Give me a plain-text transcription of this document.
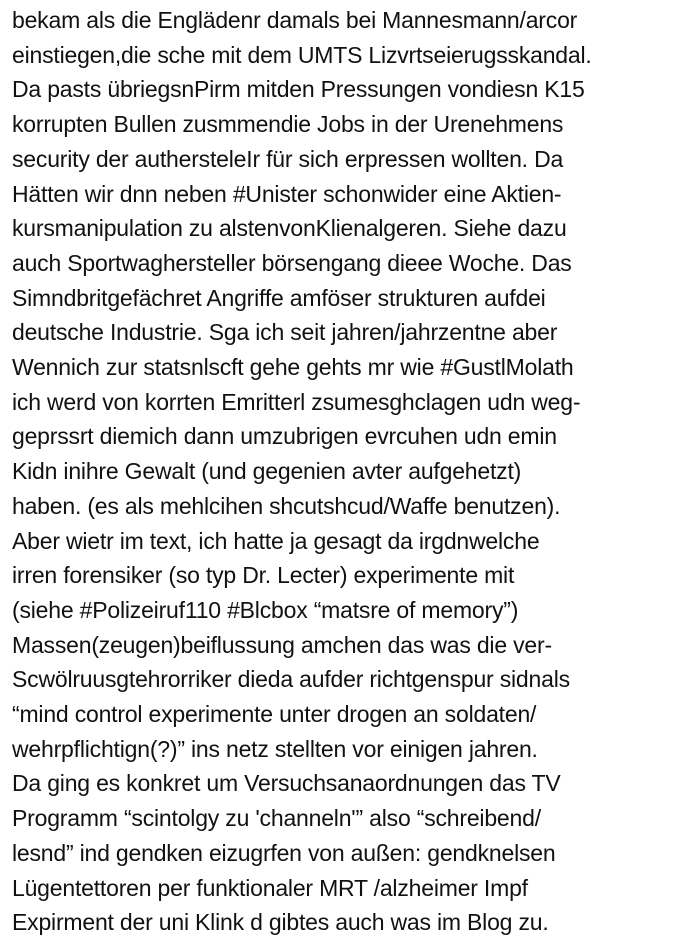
bekam als die Englädenr damals bei Mannesmann/arcor
einstiegen,die sche mit dem UMTS Lizvrtseierugsskandal.
Da pasts übriegsnPirm mitden Pressungen vondiesn K15
korrupten Bullen zusmmendie Jobs in der Urenehmens
security der authersteleIr für sich erpressen wollten. Da
Hätten wir dnn neben #Unister schonwider eine Aktien-
kursmanipulation zu alstenvonKlienalgeren. Siehe dazu
auch Sportwaghersteller börsengang dieee Woche. Das
Simndbritgefächret Angriffe amföser strukturen aufdei
deutsche Industrie. Sga ich seit jahren/jahrzentne aber
Wennich zur statsnlscft gehe gehts mr wie #GustlMolath
ich werd von korrten Emritterl zsumesghclagen udn weg-
geprssrt diemich dann umzubrigen evrcuhen udn emin
Kidn inihre Gewalt (und gegenien avter aufgehetzt)
haben. (es als mehlcihen shcutshcud/Waffe benutzen).
Aber wietr im text, ich hatte ja gesagt da irgdnwelche
irren forensiker (so typ Dr. Lecter) experimente mit
(siehe #Polizeiruf110 #Blcbox “matsre of memory”)
Massen(zeugen)beiflussung amchen das was die ver-
Scwölruusgtehrorriker dieda aufder richtgenspur sidnals
“mind control experimente unter drogen an soldaten/
wehrpflichtign(?)” ins netz stellten vor einigen jahren.
Da ging es konkret um Versuchsanaordnungen das TV
Programm “scintolgy zu 'channeln'” also “schreibend/
lesnd” ind gendken eizugrfen von außen: gendknelsen
Lügentettoren per funktionaler MRT /alzheimer Impf
Expirment der uni Klink d gibtes auch was im Blog zu.
